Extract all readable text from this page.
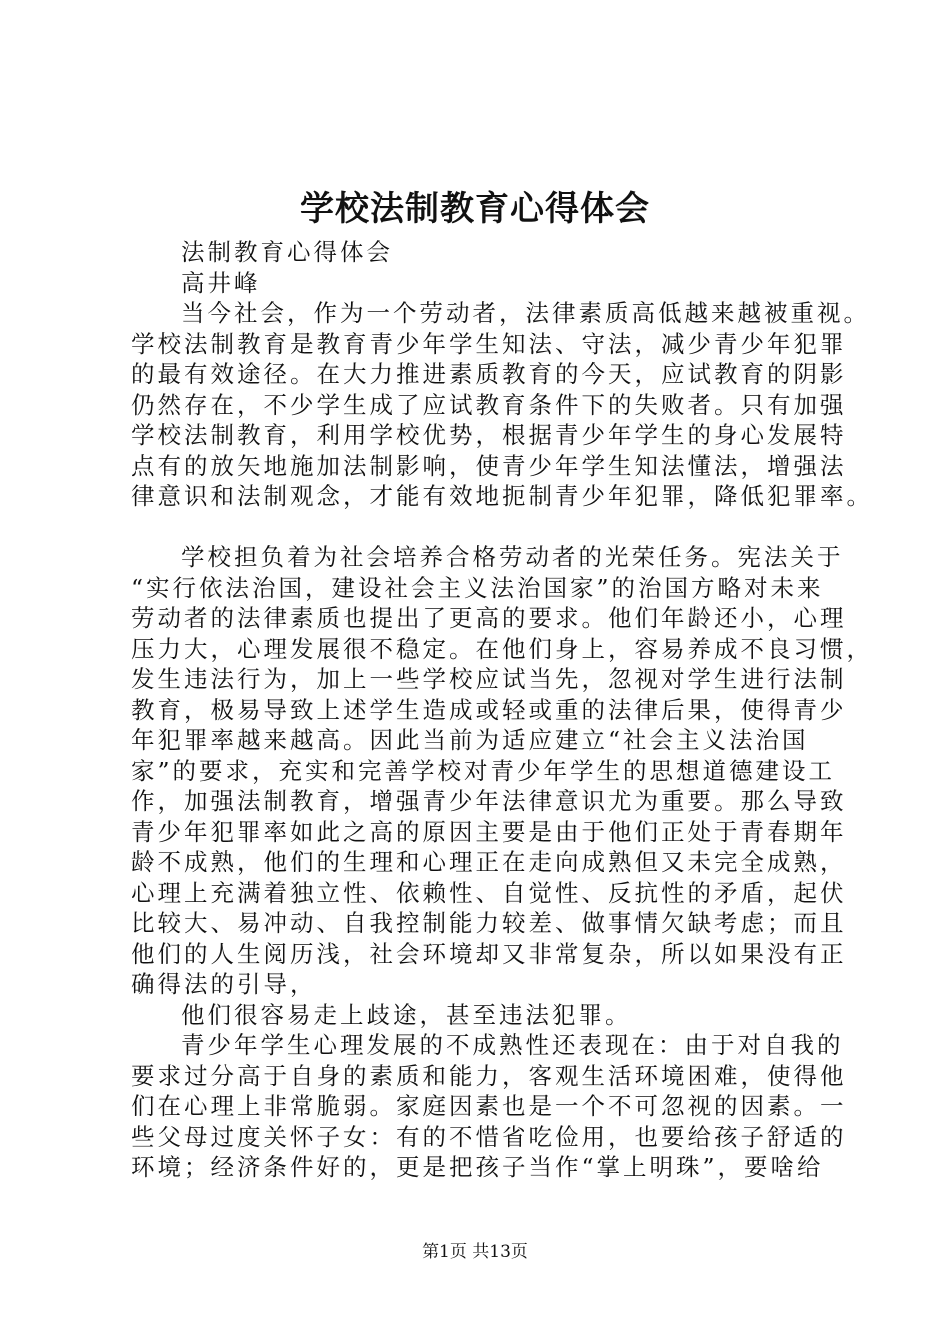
学校法制教育心得体会
法制教育心得体会
高井峰
当今社会，作为一个劳动者，法律素质高低越来越被重视。
学校法制教育是教育青少年学生知法、守法，减少青少年犯罪
的最有效途径。在大力推进素质教育的今天，应试教育的阴影
仍然存在，不少学生成了应试教育条件下的失败者。只有加强
学校法制教育，利用学校优势，根据青少年学生的身心发展特
点有的放矢地施加法制影响，使青少年学生知法懂法，增强法
律意识和法制观念，才能有效地扼制青少年犯罪，降低犯罪率。
学校担负着为社会培养合格劳动者的光荣任务。宪法关于
“实行依法治国，建设社会主义法治国家”的治国方略对未来
劳动者的法律素质也提出了更高的要求。他们年龄还小，心理
压力大，心理发展很不稳定。在他们身上，容易养成不良习惯，
发生违法行为，加上一些学校应试当先，忽视对学生进行法制
教育，极易导致上述学生造成或轻或重的法律后果，使得青少
年犯罪率越来越高。因此当前为适应建立“社会主义法治国
家”的要求，充实和完善学校对青少年学生的思想道德建设工
作，加强法制教育，增强青少年法律意识尤为重要。那么导致
青少年犯罪率如此之高的原因主要是由于他们正处于青春期年
龄不成熟，他们的生理和心理正在走向成熟但又未完全成熟，
心理上充满着独立性、依赖性、自觉性、反抗性的矛盾，起伏
比较大、易冲动、自我控制能力较差、做事情欠缺考虑；而且
他们的人生阅历浅，社会环境却又非常复杂，所以如果没有正
确得法的引导，
他们很容易走上歧途，甚至违法犯罪。
青少年学生心理发展的不成熟性还表现在：由于对自我的
要求过分高于自身的素质和能力，客观生活环境困难，使得他
们在心理上非常脆弱。家庭因素也是一个不可忽视的因素。一
些父母过度关怀子女：有的不惜省吃俭用，也要给孩子舒适的
环境；经济条件好的，更是把孩子当作“掌上明珠”，要啥给
第1页 共13页
